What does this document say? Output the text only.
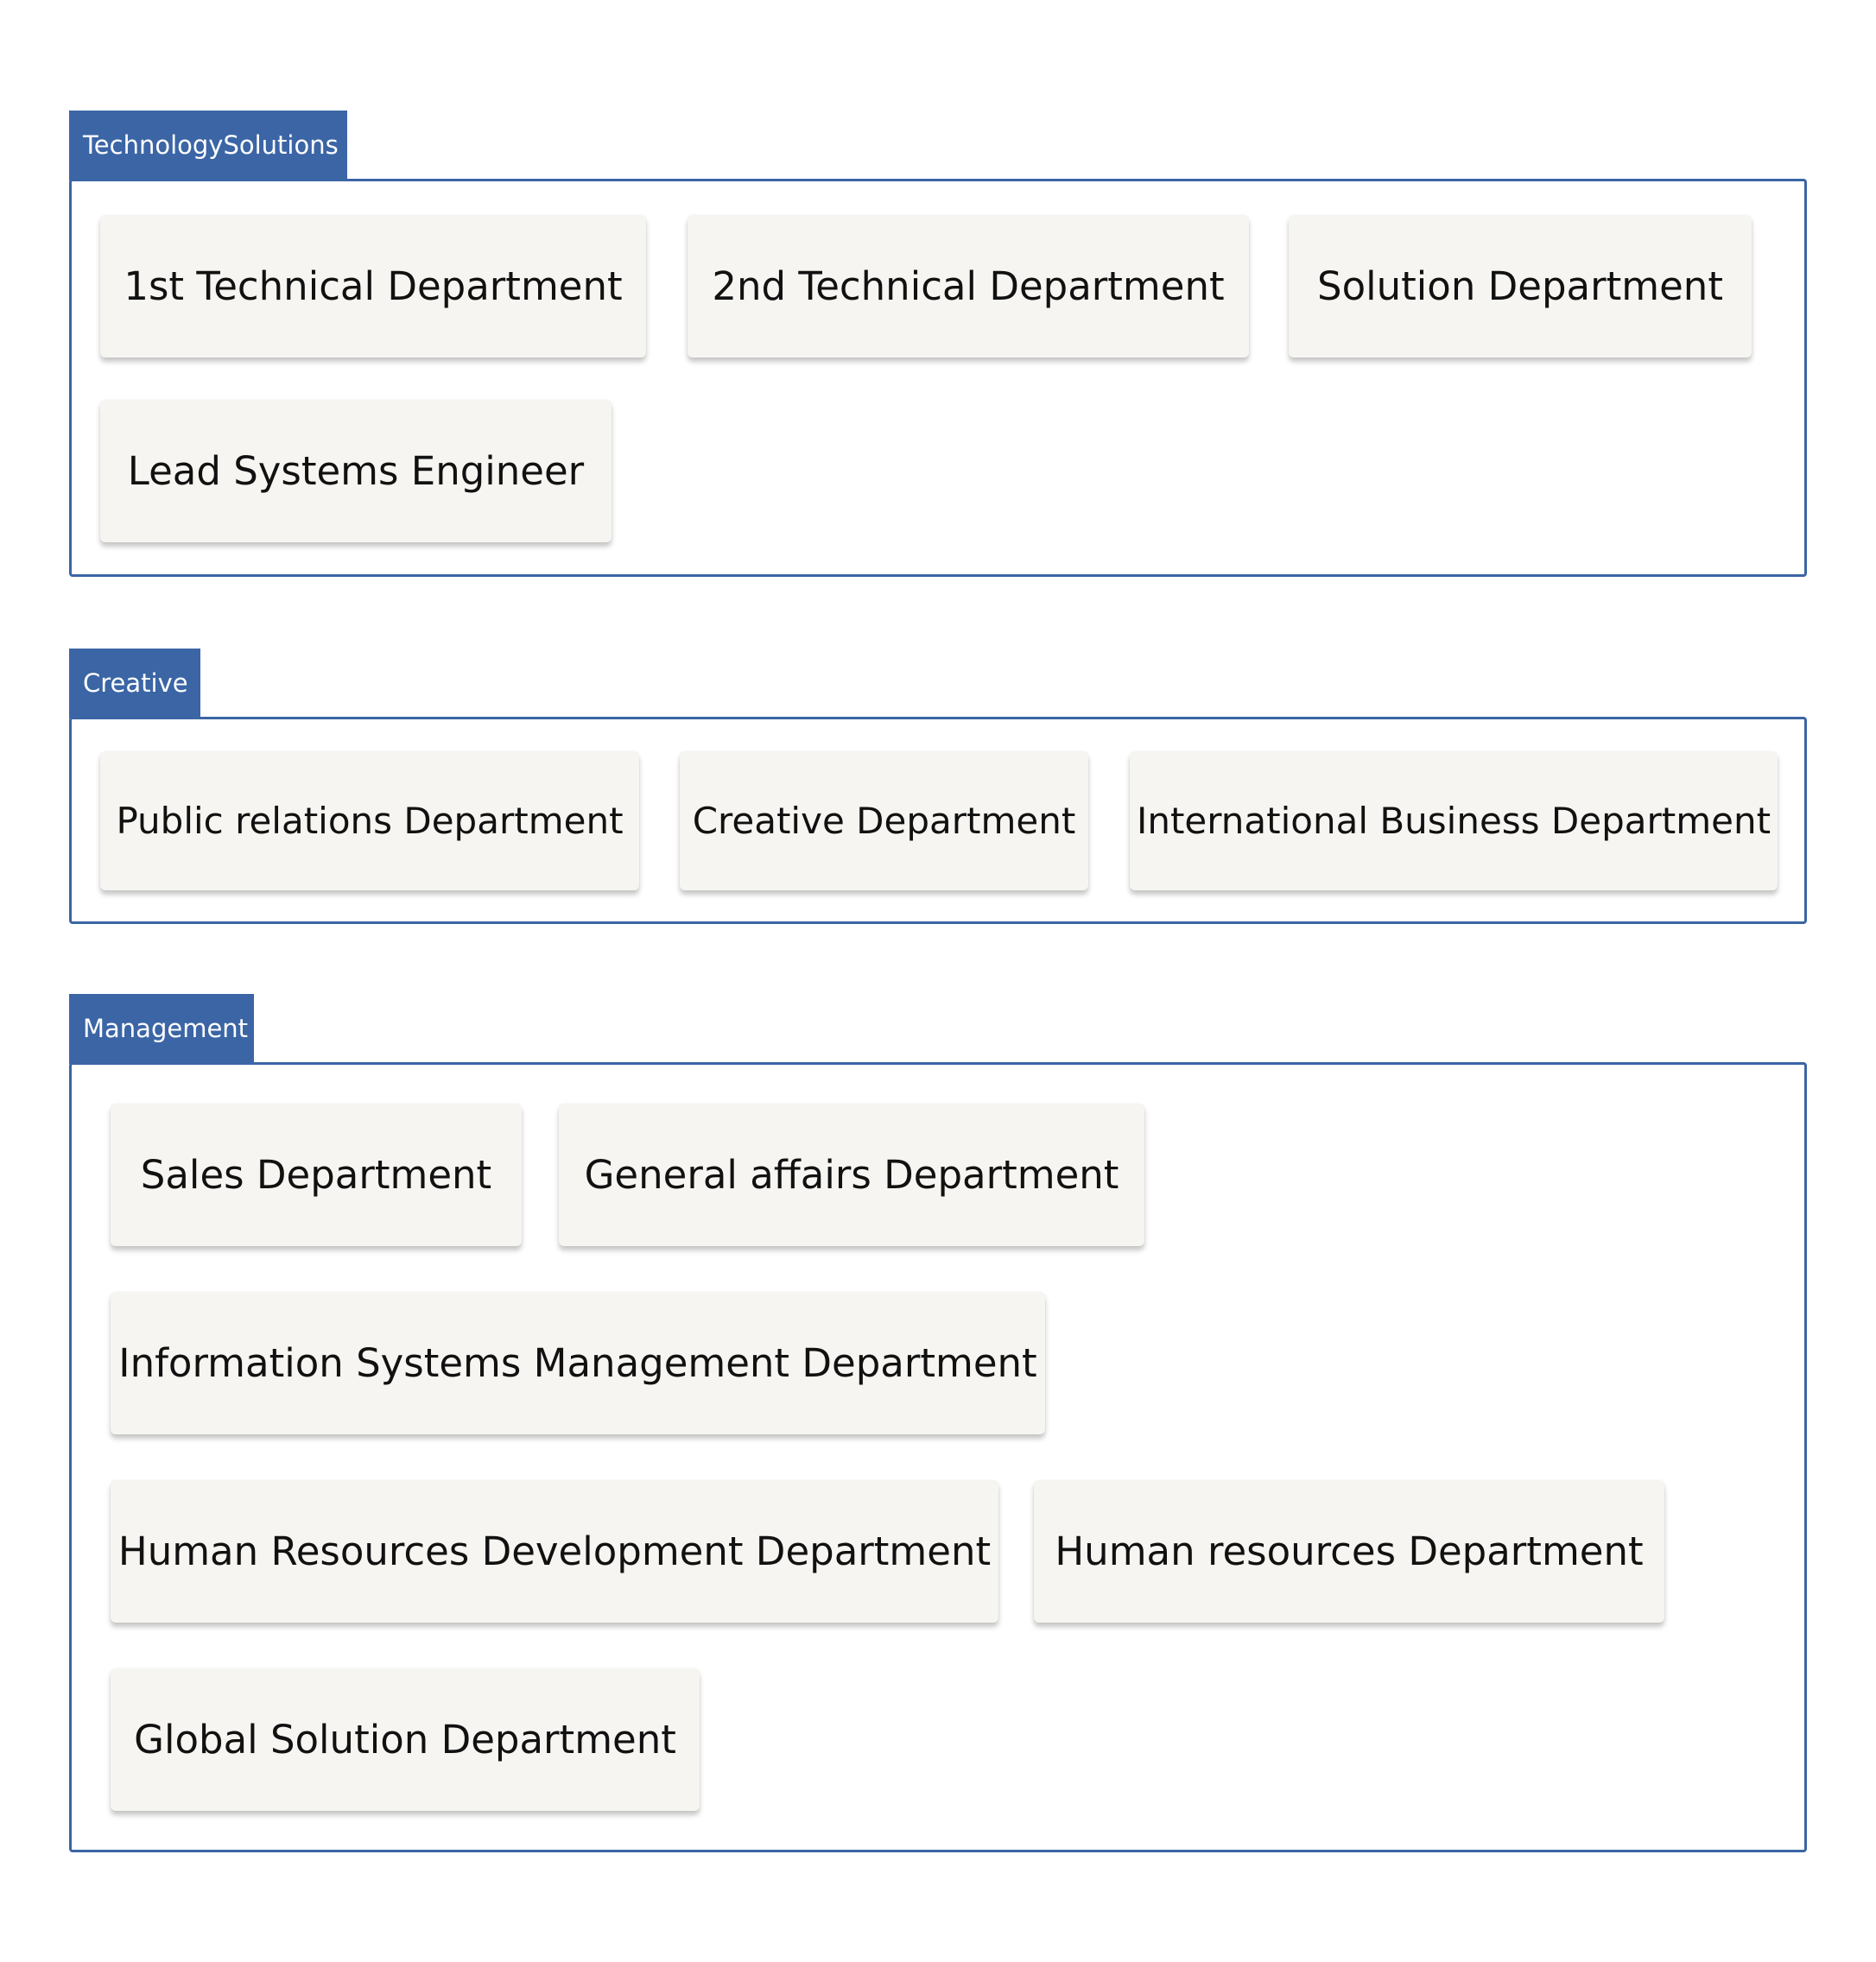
TechnologySolutions
1st Technical Department	2nd Technical Department	Solution Department
Lead Systems Engineer
Creative
Public relations Department	Creative Department	International Business Department
Management
Sales Department	General affairs Department
Information Systems Management Department
Human Resources Development Department	Human resources Department
Global Solution Department
